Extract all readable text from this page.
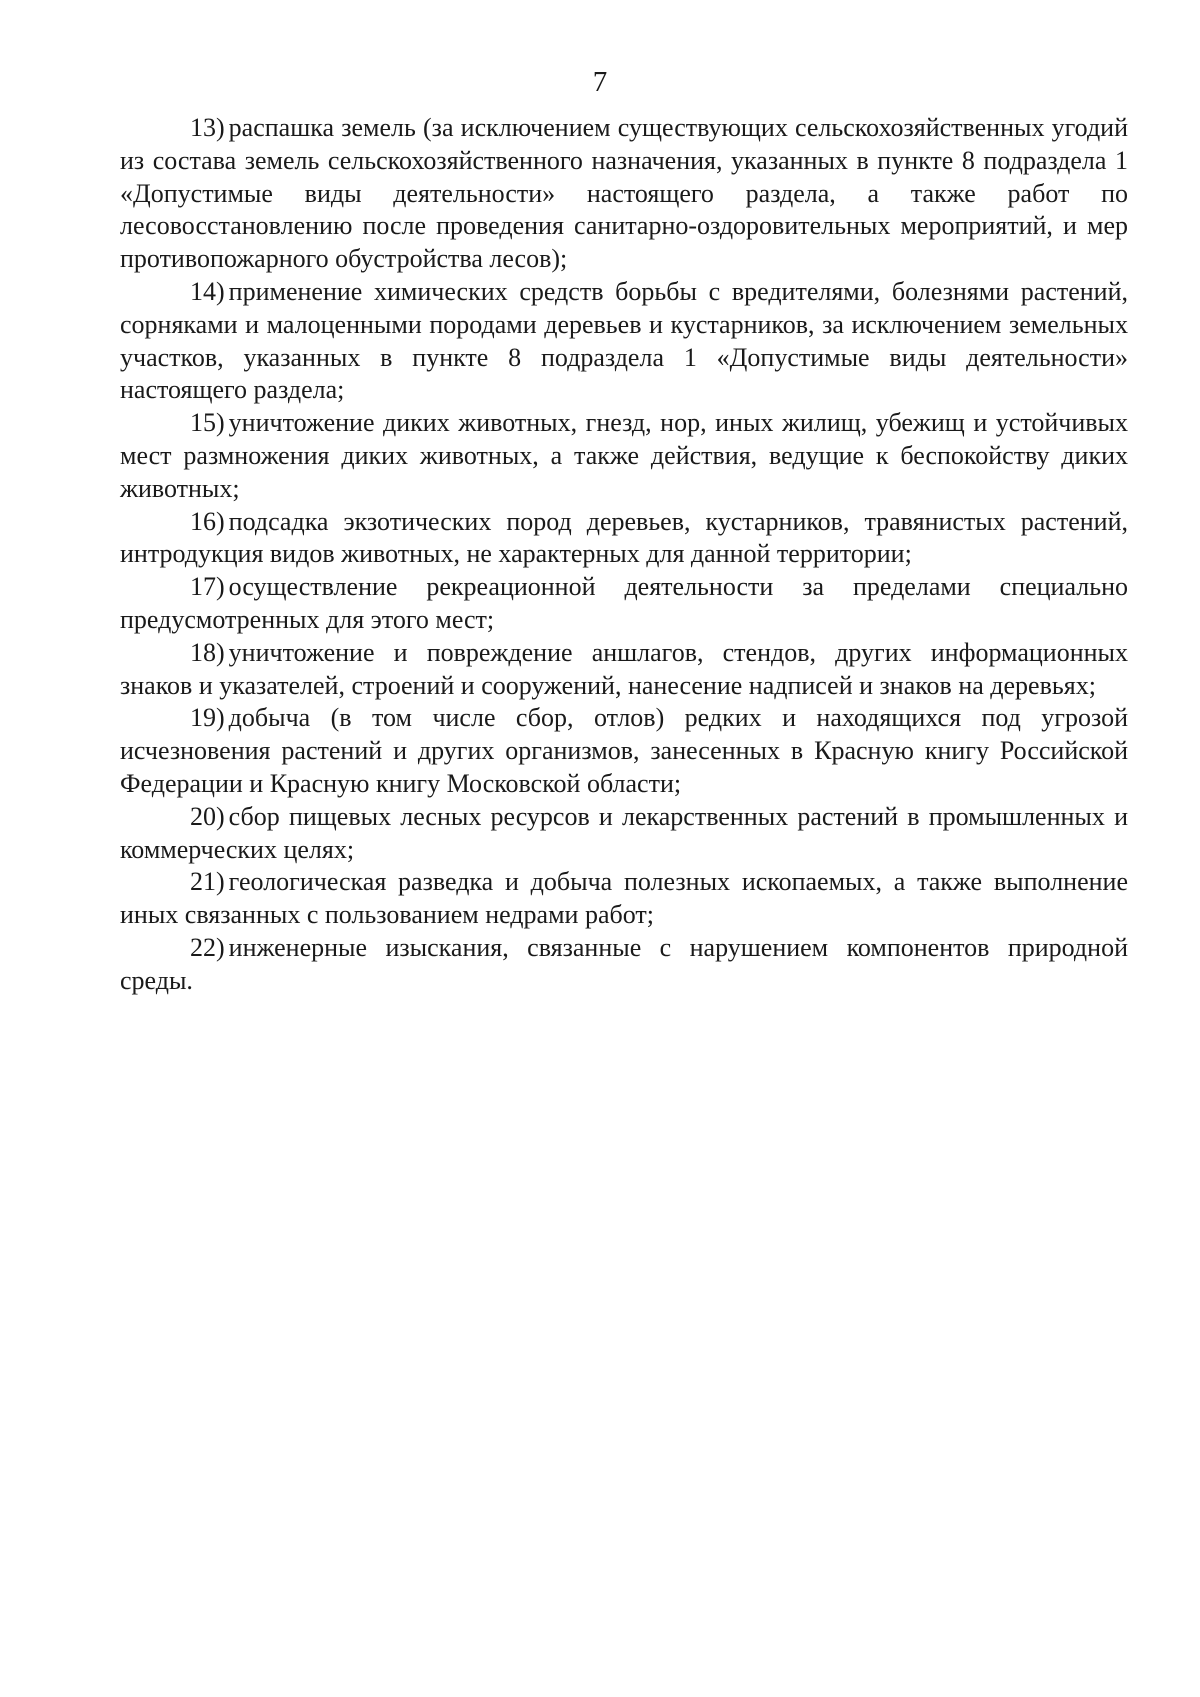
7

13) распашка земель (за исключением существующих сельскохозяйственных угодий из состава земель сельскохозяйственного назначения, указанных в пункте 8 подраздела 1 «Допустимые виды деятельности» настоящего раздела, а также работ по лесовосстановлению после проведения санитарно-оздоровительных мероприятий, и мер противопожарного обустройства лесов);

14) применение химических средств борьбы с вредителями, болезнями растений, сорняками и малоценными породами деревьев и кустарников, за исключением земельных участков, указанных в пункте 8 подраздела 1 «Допустимые виды деятельности» настоящего раздела;

15) уничтожение диких животных, гнезд, нор, иных жилищ, убежищ и устойчивых мест размножения диких животных, а также действия, ведущие к беспокойству диких животных;

16) подсадка экзотических пород деревьев, кустарников, травянистых растений, интродукция видов животных, не характерных для данной территории;

17) осуществление рекреационной деятельности за пределами специально предусмотренных для этого мест;

18) уничтожение и повреждение аншлагов, стендов, других информационных знаков и указателей, строений и сооружений, нанесение надписей и знаков на деревьях;

19) добыча (в том числе сбор, отлов) редких и находящихся под угрозой исчезновения растений и других организмов, занесенных в Красную книгу Российской Федерации и Красную книгу Московской области;

20) сбор пищевых лесных ресурсов и лекарственных растений в промышленных и коммерческих целях;

21) геологическая разведка и добыча полезных ископаемых, а также выполнение иных связанных с пользованием недрами работ;

22) инженерные изыскания, связанные с нарушением компонентов природной среды.
